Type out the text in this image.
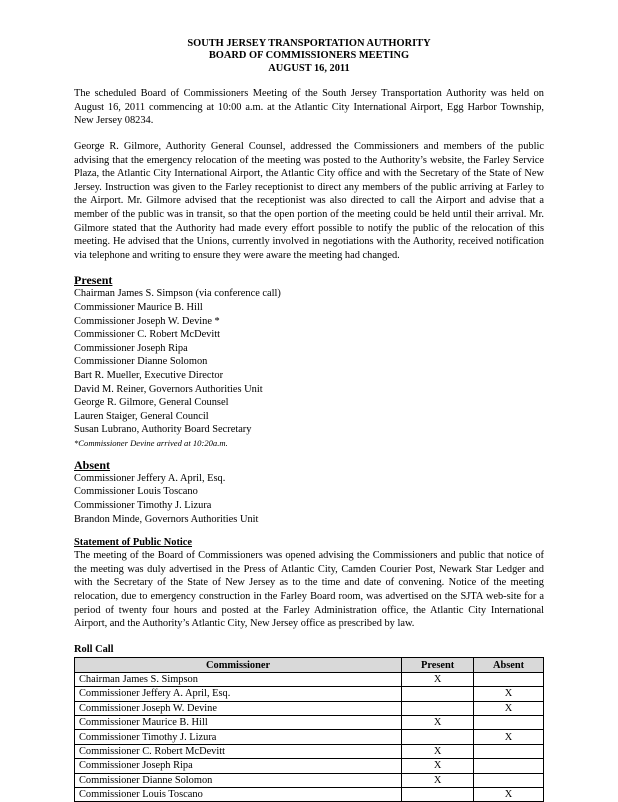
SOUTH JERSEY TRANSPORTATION AUTHORITY
BOARD OF COMMISSIONERS MEETING
AUGUST 16, 2011

The scheduled Board of Commissioners Meeting of the South Jersey Transportation Authority was held on August 16, 2011 commencing at 10:00 a.m. at the Atlantic City International Airport, Egg Harbor Township, New Jersey 08234.

George R. Gilmore, Authority General Counsel, addressed the Commissioners and members of the public advising that the emergency relocation of the meeting was posted to the Authority’s website, the Farley Service Plaza, the Atlantic City International Airport, the Atlantic City office and with the Secretary of the State of New Jersey. Instruction was given to the Farley receptionist to direct any members of the public arriving at Farley to the Airport. Mr. Gilmore advised that the receptionist was also directed to call the Airport and advise that a member of the public was in transit, so that the open portion of the meeting could be held until their arrival. Mr. Gilmore stated that the Authority had made every effort possible to notify the public of the relocation of this meeting. He advised that the Unions, currently involved in negotiations with the Authority, received notification via telephone and writing to ensure they were aware the meeting had changed.

Present
Chairman James S. Simpson (via conference call)
Commissioner Maurice B. Hill
Commissioner Joseph W. Devine *
Commissioner C. Robert McDevitt
Commissioner Joseph Ripa
Commissioner Dianne Solomon
Bart R. Mueller, Executive Director
David M. Reiner, Governors Authorities Unit
George R. Gilmore, General Counsel
Lauren Staiger, General Council
Susan Lubrano, Authority Board Secretary
*Commissioner Devine arrived at 10:20a.m.
Absent
Commissioner Jeffery A. April, Esq.
Commissioner Louis Toscano
Commissioner Timothy J. Lizura
Brandon Minde, Governors Authorities Unit
Statement of Public Notice

The meeting of the Board of Commissioners was opened advising the Commissioners and public that notice of the meeting was duly advertised in the Press of Atlantic City, Camden Courier Post, Newark Star Ledger and with the Secretary of the State of New Jersey as to the time and date of convening. Notice of the meeting relocation, due to emergency construction in the Farley Board room, was advertised on the SJTA web-site for a period of twenty four hours and posted at the Farley Administration office, the Atlantic City International Airport, and the Authority’s Atlantic City, New Jersey office as prescribed by law.

Roll Call
Commissioner	Present	Absent
Chairman James S. Simpson	X	
Commissioner Jeffery A. April, Esq.		X
Commissioner Joseph W. Devine		X
Commissioner Maurice B. Hill	X	
Commissioner Timothy J. Lizura		X
Commissioner C. Robert McDevitt	X	
Commissioner Joseph Ripa	X	
Commissioner Dianne Solomon	X	
Commissioner Louis Toscano		X
